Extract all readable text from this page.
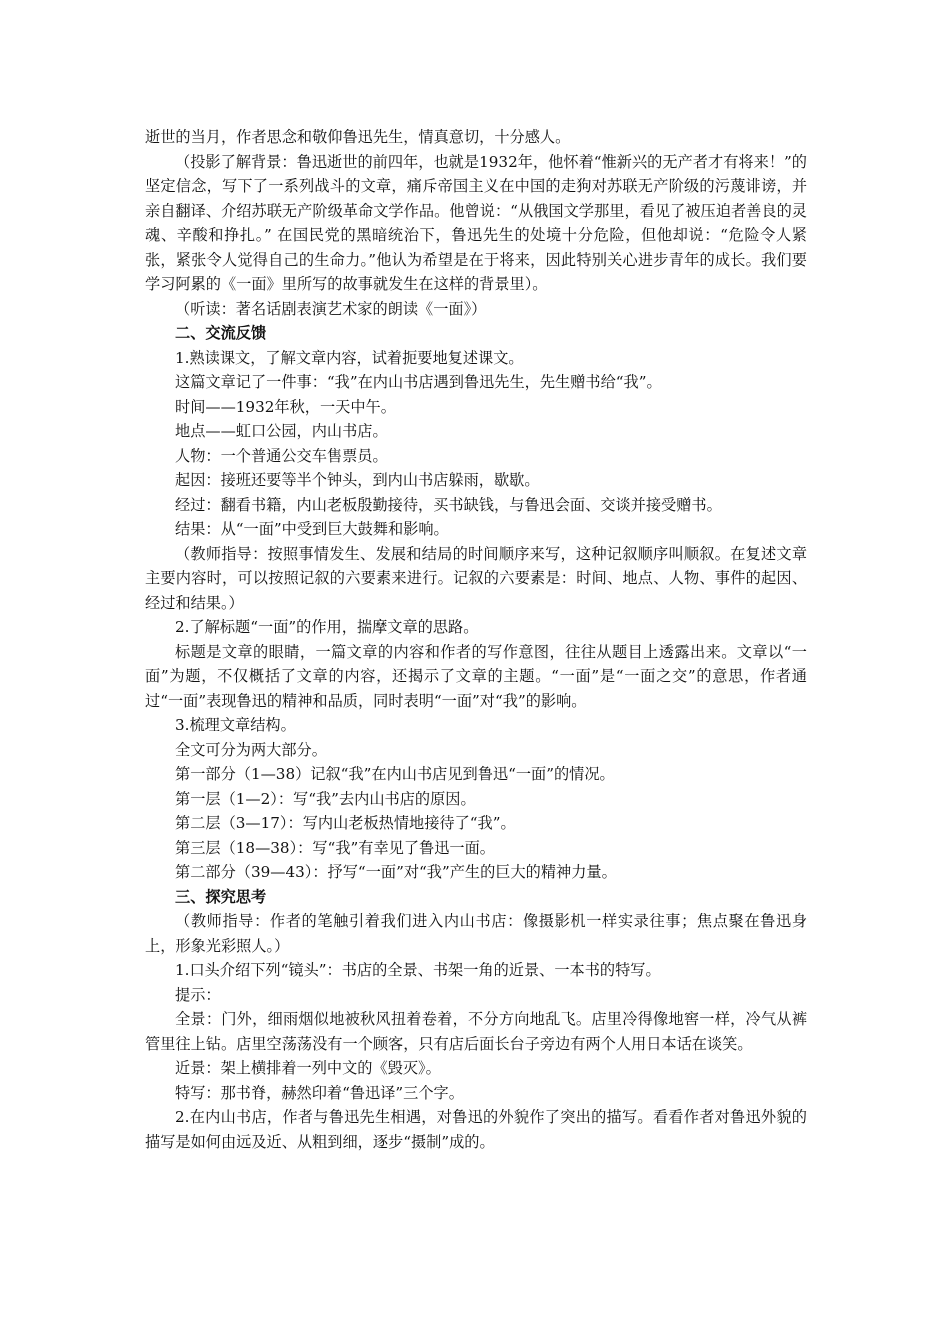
逝世的当月，作者思念和敬仰鲁迅先生，情真意切，十分感人。

（投影了解背景：鲁迅逝世的前四年，也就是1932年，他怀着“惟新兴的无产者才有将来！”的坚定信念，写下了一系列战斗的文章，痛斥帝国主义在中国的走狗对苏联无产阶级的污蔑诽谤，并亲自翻译、介绍苏联无产阶级革命文学作品。他曾说：“从俄国文学那里，看见了被压迫者善良的灵魂、辛酸和挣扎。” 在国民党的黑暗统治下，鲁迅先生的处境十分危险，但他却说：“危险令人紧张，紧张令人觉得自己的生命力。”他认为希望是在于将来，因此特别关心进步青年的成长。我们要学习阿累的《一面》里所写的故事就发生在这样的背景里）。

（听读：著名话剧表演艺术家的朗读《一面》）

二、交流反馈

1.熟读课文，了解文章内容，试着扼要地复述课文。

这篇文章记了一件事：“我”在内山书店遇到鲁迅先生，先生赠书给“我”。

时间——1932年秋，一天中午。

地点——虹口公园，内山书店。

人物：一个普通公交车售票员。

起因：接班还要等半个钟头，到内山书店躲雨，歇歇。

经过：翻看书籍，内山老板殷勤接待，买书缺钱，与鲁迅会面、交谈并接受赠书。

结果：从“一面”中受到巨大鼓舞和影响。

（教师指导：按照事情发生、发展和结局的时间顺序来写，这种记叙顺序叫顺叙。在复述文章主要内容时，可以按照记叙的六要素来进行。记叙的六要素是：时间、地点、人物、事件的起因、经过和结果。）

2.了解标题“一面”的作用，揣摩文章的思路。

标题是文章的眼睛，一篇文章的内容和作者的写作意图，往往从题目上透露出来。文章以“一面”为题，不仅概括了文章的内容，还揭示了文章的主题。“一面”是“一面之交”的意思，作者通过“一面”表现鲁迅的精神和品质，同时表明“一面”对“我”的影响。

3.梳理文章结构。

全文可分为两大部分。

第一部分（1—38）记叙“我”在内山书店见到鲁迅“一面”的情况。

第一层（1—2）：写“我”去内山书店的原因。

第二层（3—17）：写内山老板热情地接待了“我”。

第三层（18—38）：写“我”有幸见了鲁迅一面。

第二部分（39—43）：抒写“一面”对“我”产生的巨大的精神力量。

三、探究思考

（教师指导：作者的笔触引着我们进入内山书店：像摄影机一样实录往事；焦点聚在鲁迅身上，形象光彩照人。）

1.口头介绍下列“镜头”：书店的全景、书架一角的近景、一本书的特写。

提示：

全景：门外，细雨烟似地被秋风扭着卷着，不分方向地乱飞。店里冷得像地窖一样，冷气从裤管里往上钻。店里空荡荡没有一个顾客，只有店后面长台子旁边有两个人用日本话在谈笑。

近景：架上横排着一列中文的《毁灭》。

特写：那书脊，赫然印着“鲁迅译”三个字。

2.在内山书店，作者与鲁迅先生相遇，对鲁迅的外貌作了突出的描写。看看作者对鲁迅外貌的描写是如何由远及近、从粗到细，逐步“摄制”成的。
